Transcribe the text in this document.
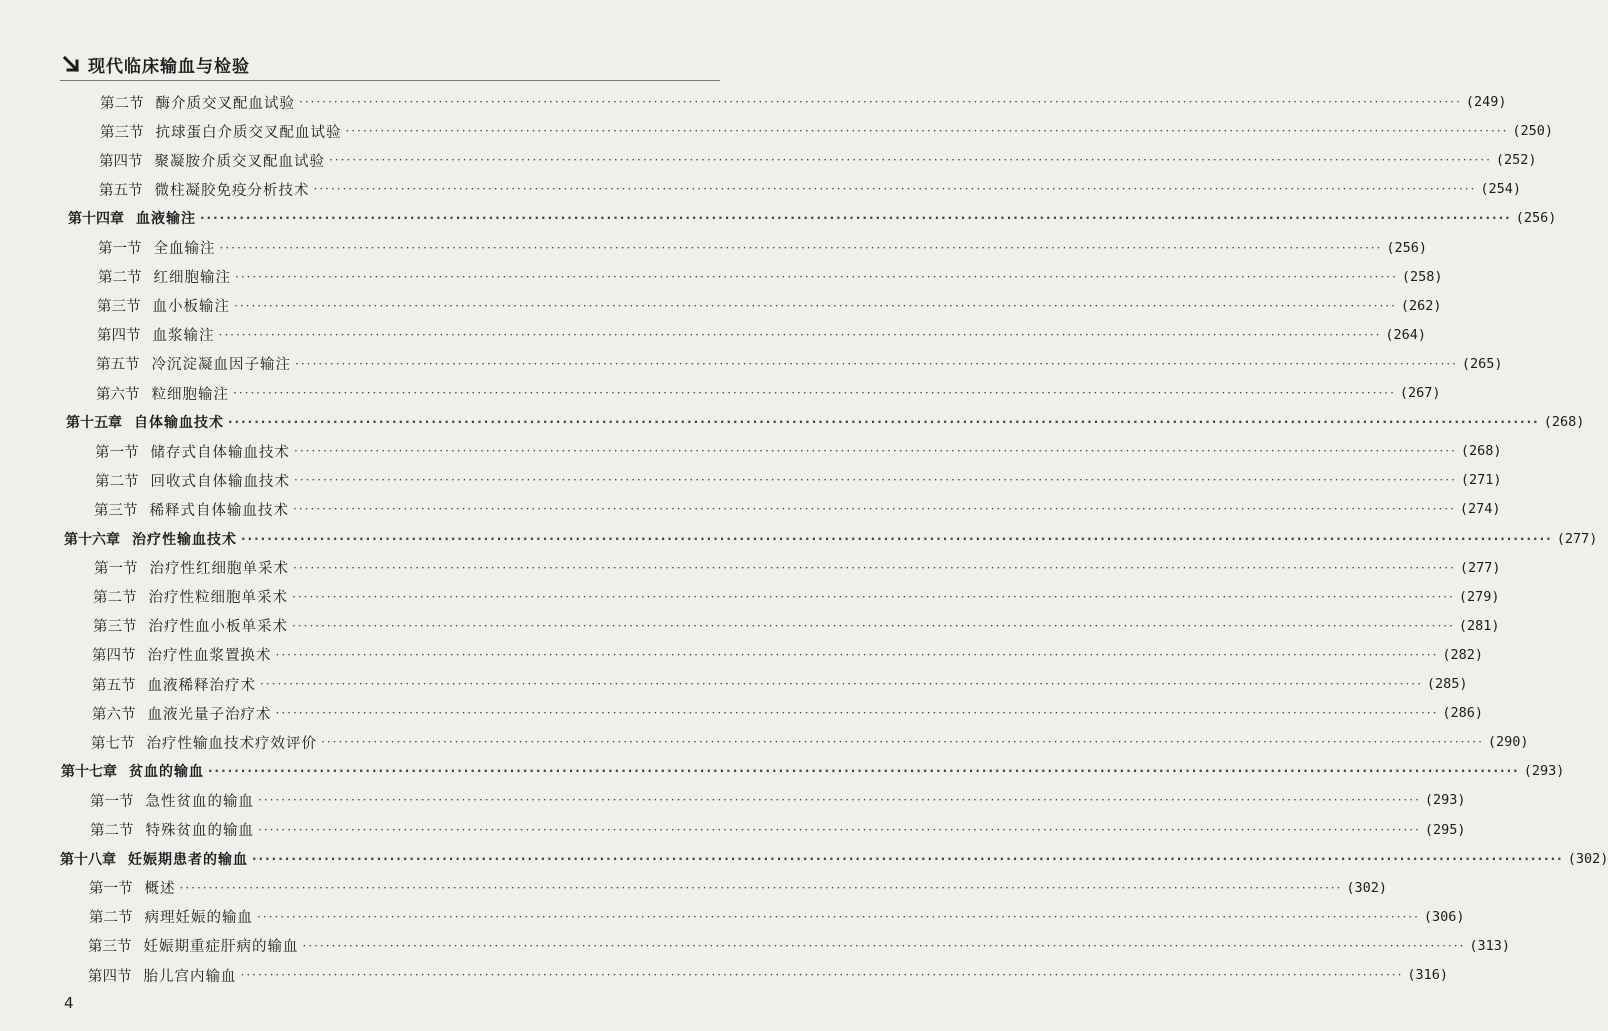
现代临床输血与检验
第二节 酶介质交叉配血试验 ········································································································································································································ (249)
第三节 抗球蛋白介质交叉配血试验 ········································································································································································································ (250)
第四节 聚凝胺介质交叉配血试验 ········································································································································································································ (252)
第五节 微柱凝胶免疫分析技术 ········································································································································································································ (254)
第十四章 血液输注 ········································································································································································································ (256)
第一节 全血输注 ········································································································································································································ (256)
第二节 红细胞输注 ········································································································································································································ (258)
第三节 血小板输注 ········································································································································································································ (262)
第四节 血浆输注 ········································································································································································································ (264)
第五节 冷沉淀凝血因子输注 ········································································································································································································ (265)
第六节 粒细胞输注 ········································································································································································································ (267)
第十五章 自体输血技术 ········································································································································································································ (268)
第一节 储存式自体输血技术 ········································································································································································································ (268)
第二节 回收式自体输血技术 ········································································································································································································ (271)
第三节 稀释式自体输血技术 ········································································································································································································ (274)
第十六章 治疗性输血技术 ········································································································································································································ (277)
第一节 治疗性红细胞单采术 ········································································································································································································ (277)
第二节 治疗性粒细胞单采术 ········································································································································································································ (279)
第三节 治疗性血小板单采术 ········································································································································································································ (281)
第四节 治疗性血浆置换术 ········································································································································································································ (282)
第五节 血液稀释治疗术 ········································································································································································································ (285)
第六节 血液光量子治疗术 ········································································································································································································ (286)
第七节 治疗性输血技术疗效评价 ········································································································································································································ (290)
第十七章 贫血的输血 ········································································································································································································ (293)
第一节 急性贫血的输血 ········································································································································································································ (293)
第二节 特殊贫血的输血 ········································································································································································································ (295)
第十八章 妊娠期患者的输血 ········································································································································································································ (302)
第一节 概述 ········································································································································································································ (302)
第二节 病理妊娠的输血 ········································································································································································································ (306)
第三节 妊娠期重症肝病的输血 ········································································································································································································ (313)
第四节 胎儿宫内输血 ········································································································································································································ (316)
4
